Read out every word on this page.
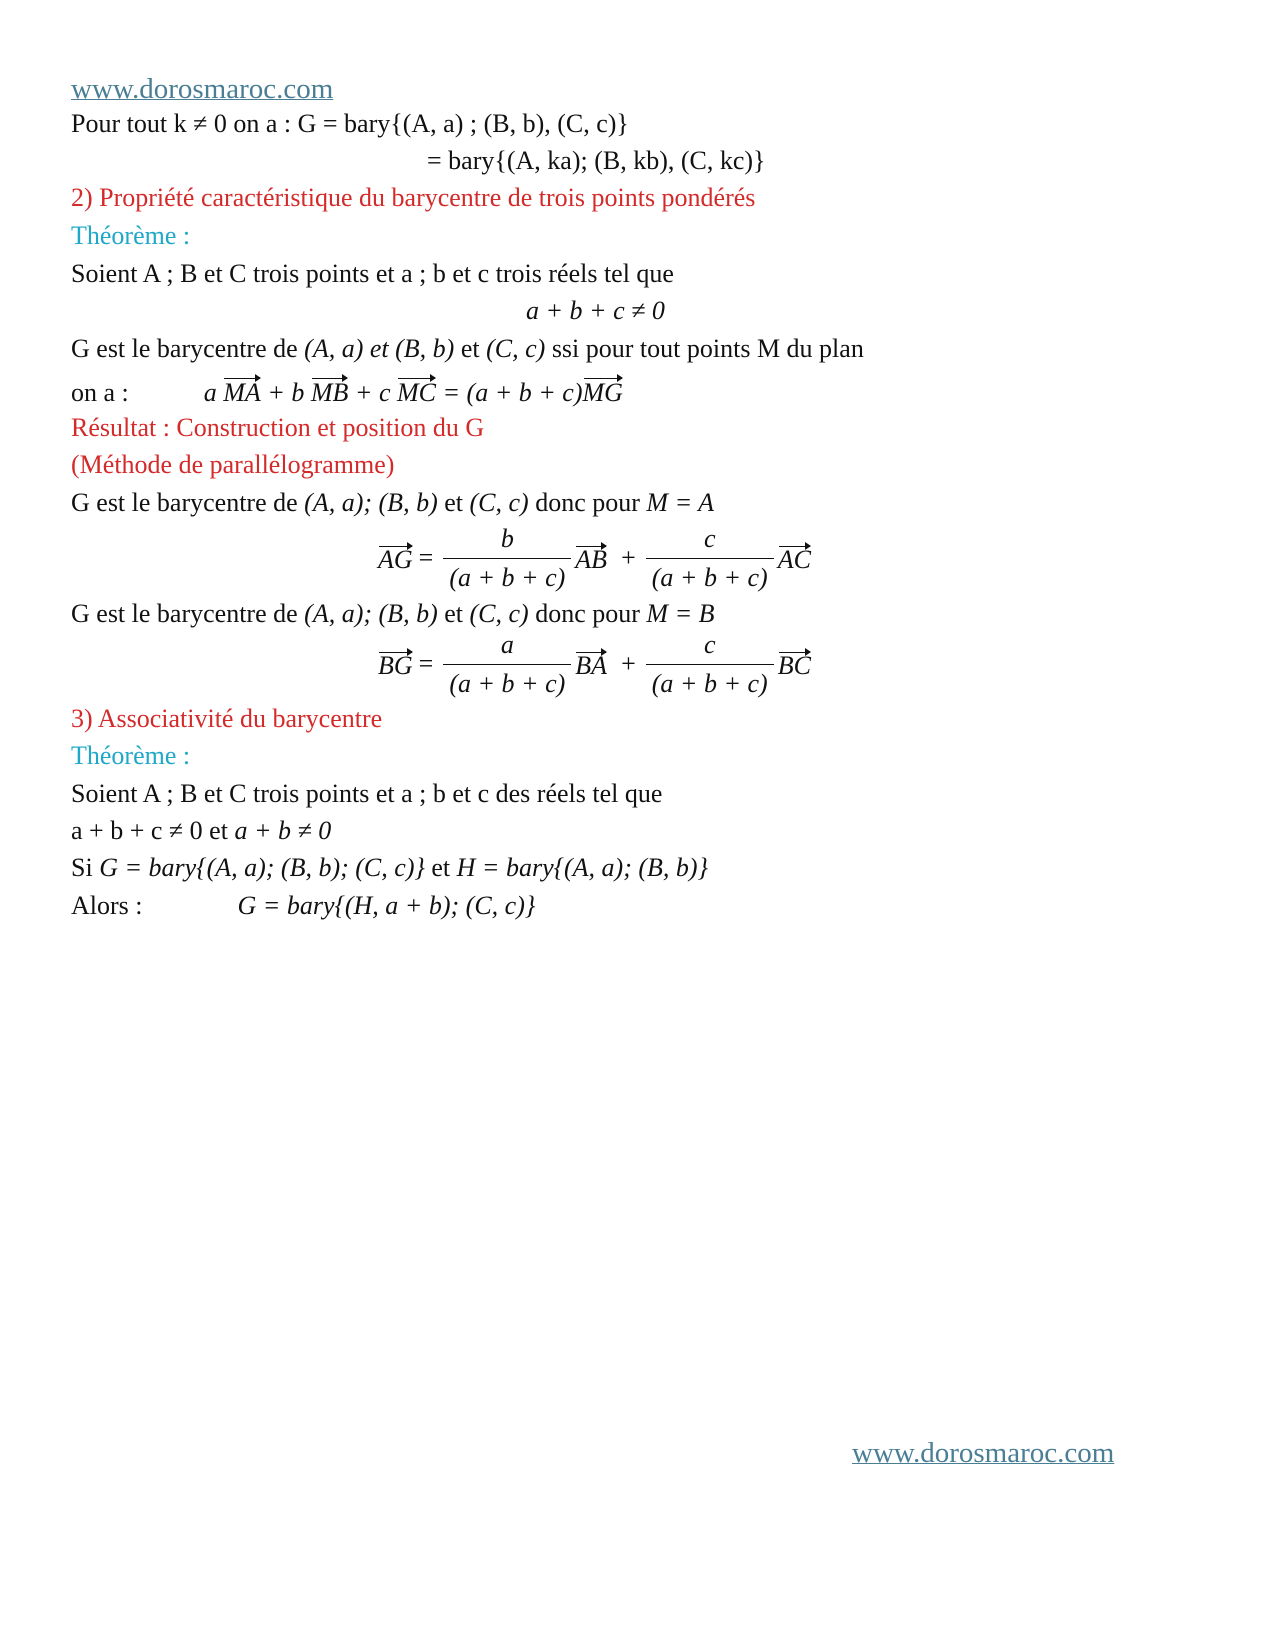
www.dorosmaroc.com
Pour tout k ≠ 0 on a : G = bary{(A, a) ; (B, b), (C, c)}
= bary{(A, ka); (B, kb), (C, kc)}
2) Propriété caractéristique du barycentre de trois points pondérés
Théorème :
Soient A ; B et C trois points et a ; b et c trois réels tel que
a + b + c ≠ 0
G est le barycentre de (A, a) et (B, b) et (C, c) ssi pour tout points M du plan
on a :	a MA + b MB + c MC = (a + b + c)MG
Résultat : Construction et position du G
(Méthode de parallélogramme)
G est le barycentre de (A, a); (B, b) et (C, c) donc pour M = A
AG = $\frac{b}{(a + b + c)}$ AB + $\frac{c}{(a + b + c)}$ AC
G est le barycentre de (A, a); (B, b) et (C, c) donc pour M = B
BG = $\frac{a}{(a + b + c)}$ BA + $\frac{c}{(a + b + c)}$ BC
3) Associativité du barycentre
Théorème :
Soient A ; B et C trois points et a ; b et c des réels tel que
a + b + c ≠ 0 et a + b ≠ 0
Si G = bary{(A, a); (B, b); (C, c)} et H = bary{(A, a); (B, b)}
Alors :	G = bary{(H, a + b); (C, c)}
www.dorosmaroc.com
